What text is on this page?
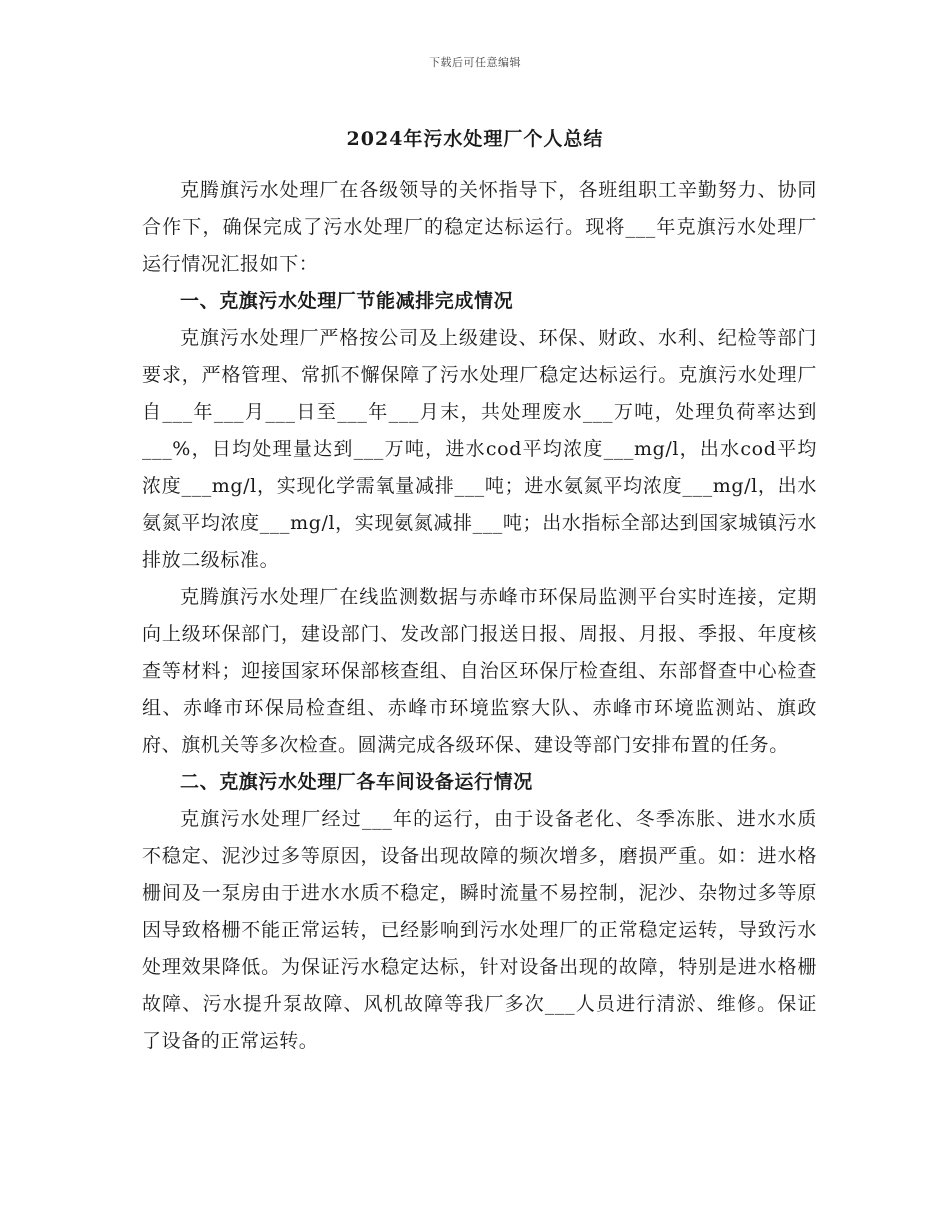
下载后可任意编辑
2024年污水处理厂个人总结

克腾旗污水处理厂在各级领导的关怀指导下，各班组职工辛勤努力、协同合作下，确保完成了污水处理厂的稳定达标运行。现将___年克旗污水处理厂运行情况汇报如下：

一、克旗污水处理厂节能减排完成情况

克旗污水处理厂严格按公司及上级建设、环保、财政、水利、纪检等部门要求，严格管理、常抓不懈保障了污水处理厂稳定达标运行。克旗污水处理厂自___年___月___日至___年___月末，共处理废水___万吨，处理负荷率达到___%，日均处理量达到___万吨，进水cod平均浓度___mg/l，出水cod平均浓度___mg/l，实现化学需氧量减排___吨；进水氨氮平均浓度___mg/l，出水氨氮平均浓度___mg/l，实现氨氮减排___吨；出水指标全部达到国家城镇污水排放二级标准。

克腾旗污水处理厂在线监测数据与赤峰市环保局监测平台实时连接，定期向上级环保部门，建设部门、发改部门报送日报、周报、月报、季报、年度核查等材料；迎接国家环保部核查组、自治区环保厅检查组、东部督查中心检查组、赤峰市环保局检查组、赤峰市环境监察大队、赤峰市环境监测站、旗政府、旗机关等多次检查。圆满完成各级环保、建设等部门安排布置的任务。

二、克旗污水处理厂各车间设备运行情况

克旗污水处理厂经过___年的运行，由于设备老化、冬季冻胀、进水水质不稳定、泥沙过多等原因，设备出现故障的频次增多，磨损严重。如：进水格栅间及一泵房由于进水水质不稳定，瞬时流量不易控制，泥沙、杂物过多等原因导致格栅不能正常运转，已经影响到污水处理厂的正常稳定运转，导致污水处理效果降低。为保证污水稳定达标，针对设备出现的故障，特别是进水格栅故障、污水提升泵故障、风机故障等我厂多次___人员进行清淤、维修。保证了设备的正常运转。
